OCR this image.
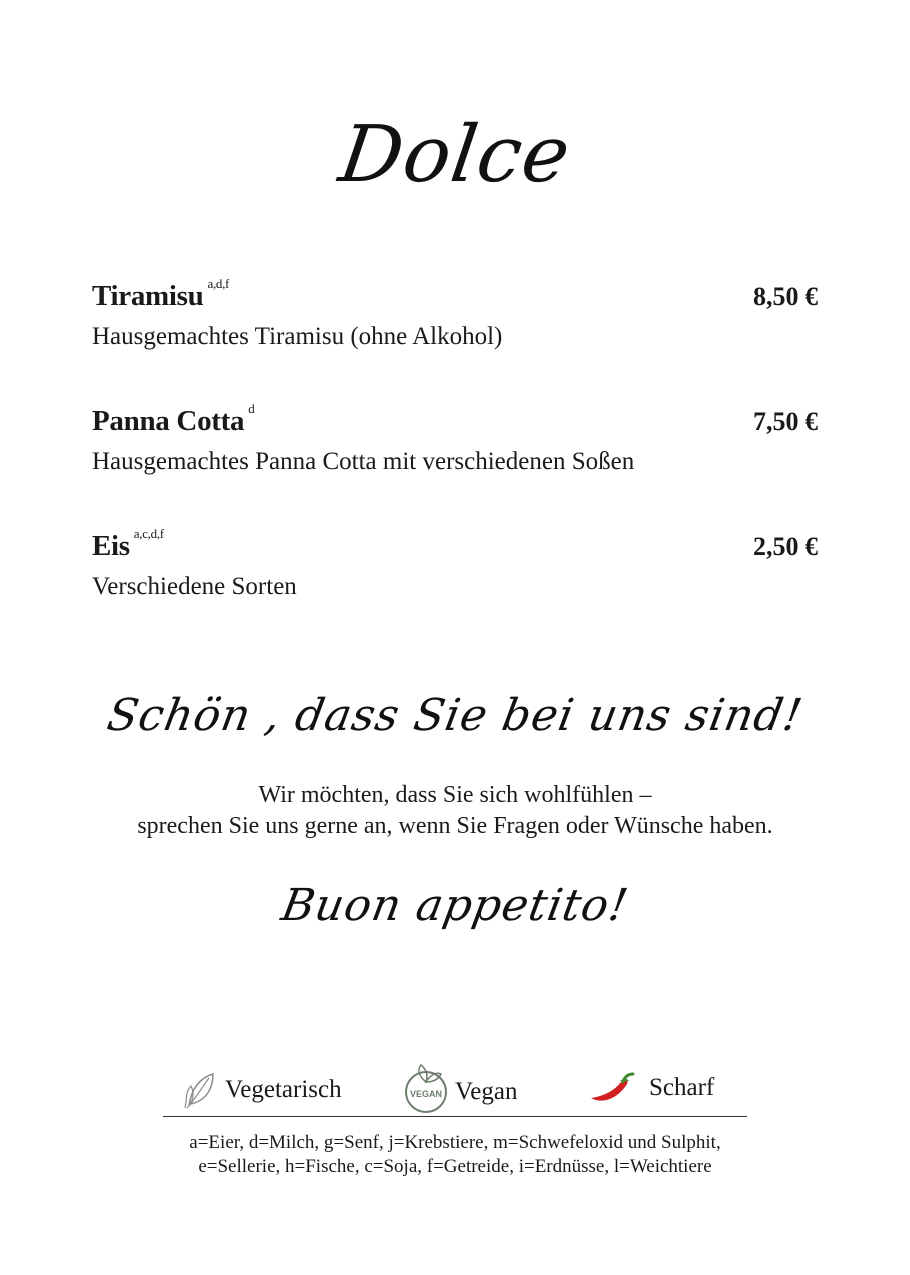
Dolce
Tiramisu $^{a,d,f}$	8,50 €
Hausgemachtes Tiramisu (ohne Alkohol)
Panna Cotta $^d$	7,50 €
Hausgemachtes Panna Cotta mit verschiedenen Soßen
Eis $^{a,c,d,f}$	2,50 €
Verschiedene Sorten

Schön , dass Sie bei uns sind!

Wir möchten, dass Sie sich wohlfühlen –
sprechen Sie uns gerne an, wenn Sie Fragen oder Wünsche haben.

Buon appetito!

Vegetarisch	VEGAN Vegan	Scharf
a=Eier, d=Milch, g=Senf, j=Krebstiere, m=Schwefeloxid und Sulphit,
e=Sellerie, h=Fische, c=Soja, f=Getreide, i=Erdnüsse, l=Weichtiere
